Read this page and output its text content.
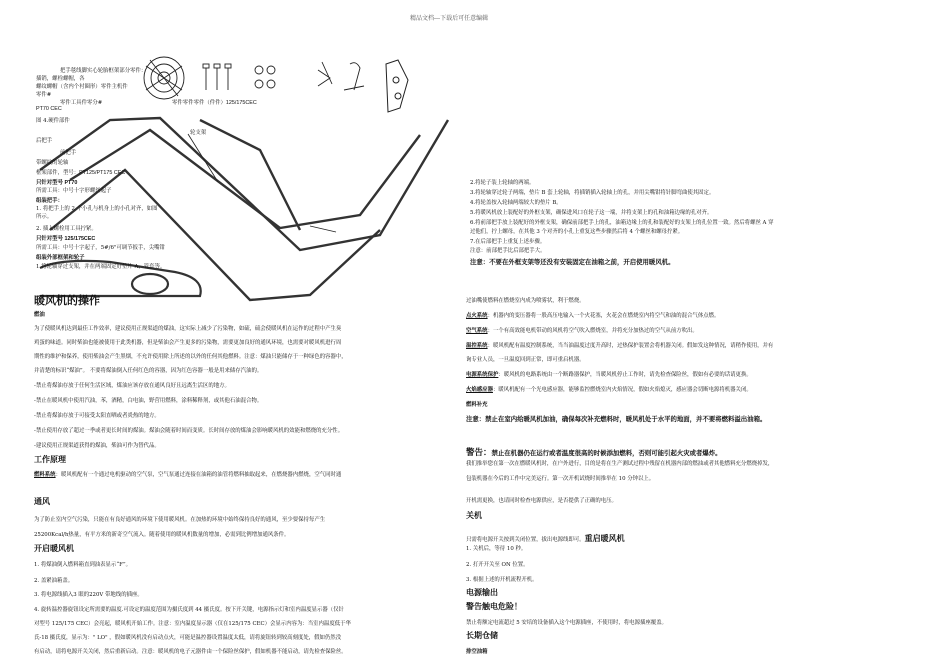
精品文档---下载后可任意编辑
把手毯线脚实心轮胎框架部分零件：
插销，螺栓螺帽，各
螺纹螺帽（含内个衬圈形）零件主机件
零件#
零件工具件零分#	零件零件零件（件件）125/175CEC
PT70 CEC
图 4.硬件部件
轮支架
后把手
前把手
带螺纹的轮轴
框架部件，型号：PT125/PT175 CEC
只针对型号 PT70
所需工具：中号十字形螺丝起子
组装把手：
1. 将把手上的 2 个小孔与机身上的小孔对齐，如图
所示。
2. 插入螺栓用工具拧紧。
只针对型号 125/175CEC
所需工具：中号十字起子，5#/6"可调节扳手，尖嘴钳
组装外部框架和轮子
1.将轮轴穿过支架，并在两端固定好垫片 A，管套等。
暖风机的操作
燃油
为了使暖风机达到最佳工作效率，建议使用正规渠道的煤油，这实际上减少了污染物，如硫，硫会使暖风机在运作的过程中产生臭
鸡蛋的味道。同时柴油也能被使用于此类机器，但是柴油会产生更多的污染物，需要更加良好的通风环境，也需要对暖风机进行周
期性的维护和保养，使用柴油会产生黑烟，不允许使用除上所述的以外的任何其他燃料。注意：煤油只能储存于一种绿色的容器中，
并清楚的标识“煤油”。 不要将煤油倒入任何红色的容器，因为红色容器一般是用来储存汽油的。
-禁止将煤油存放于任何生活区域，煤油应该存放在通风良好且远离生活区的地方。
-禁止在暖风机中使用汽油，苯，酒精，白电油，野营用燃料，涂料稀释剂，或其他石油混合物。
-禁止将煤油存放于可接受太阳直晒或者炎热的地方。
-禁止使用存放了超过一季或者更长时间的煤油。煤油会随着时间而变质。长时间存放的煤油会影响暖风机的效能和燃烧的充分性。
-建议使用正规渠道获得的煤油，柴油可作为替代品。
工作原理
燃料系统：暖风机配有一个通过电机驱动的空气泵，空气泵通过连接在油箱的油管将燃料抽取起来，在燃烧器内燃烧，空气同时通
通风
为了防止室内空气污染，只能在有良好通风的环境下使用暖风机。在加热的环境中始终保持良好的通风，至少要保持每产生
25200Kcal/h热量，有平方米的新奇空气流入。随着使用的暖风机数量的增加，必需到比例增加通风条件。
开启暖风机
1. 将煤油倒入燃料箱直到油表显示“F”。
2. 盖紧油箱盖。
3. 将电源线插入3 眼的220V 带地线的插座。
4. 旋转温控器旋钮设定所需要的温度.可设定的温度范围为摄氏度到 44 摄氏度。按下开关键，电源指示灯和室内温度显示器（仅针
对型号 125/175 CEC）会亮起，暖风机开始工作。注意：室内温度显示器（仅在125/175 CEC）会显示内容为：当室内温度低于华
氏-18 摄氏度，显示为：" LO" ，假如暖风机没有启动点火，可能是温控器设置温度太低，请将旋钮转到较高刻度处，假如仍然没
有启动，请将电源开关关闭，然后重新启动。注意：暖风机的电子元器件由一个保险丝保护，假如机器不能启动，请先检查保险丝。
2.将轮子装上轮轴的两端。
3.将轮轴穿过轮子两端，垫片 B 套上轮轴，将插销插入轮轴上的孔，并用尖嘴钳将针脚弯曲使其固定。
4.将轮盖按入轮轴两端较大的垫片 B。
5.将暖风机放上装配好的外框支架，确保进风口在轮子这一端，并将支架上的孔和油箱边缘的孔对齐。
6.将前部把手放上装配好的外框支架，确保前部把手上的孔，油箱边缘上的孔和装配好的支架上的孔位置一致。然后将螺丝 A 穿
过他们，拧上螺母，在其他 3 个对齐的小孔上重复这些步骤然后将 4 个螺丝和螺母拧紧。
7.在后部把手上重复上述步骤。
注意：前部把手比后部把手大。
注意：不要在外框支架等还没有安装固定在油箱之前，开启使用暖风机。
过油嘴使燃料在燃烧室内成为喷雾状，利于燃烧。
点火系统：机器内的变压器将一股高压电输入一个火花塞，火花会在燃烧室内将空气和油的混合气体点燃。
空气系统：一个有高效能电机带动的风机将空气吹入燃烧室，并将充分加热过的空气从前方吹出。
温控系统：暖风机配有温度控制系统，当当油温度过度升高时，过热保护装置会将机器关闭。假如发这种情况，请稍作使用，并有
询专业人员，一旦温度回到正常，即可重启机器。
电源系统保护：暖风机的电路系统由一个断路器保护，当暖风机停止工作时，请先检查保险丝，假如有必要的话请更换。
火焰感应器：暖风机配有一个光电感应器，能够监控燃烧室内火焰情况，假如火焰熄灭，感应器会切断电源将机器关闭。
燃料补充
注意：禁止在室内给暖风机加油，确保每次补充燃料时，暖风机处于水平的地面，并不要将燃料溢出油箱。
警告：禁止在机器仍在运行或者温度很高的时候添加燃料，否则可能引起火灾或者爆炸。
我们推举您在第一次在燃暖风机时，在户外进行，目的是将在生产测试过程中残留在机器内部的燃油或者其他燃料充分燃烧掉发，
包装机器在今后的工作中完美运行。第一次开机试烧时间推举在 10 分钟以上。
开机需更换，也请同时检查电源供应，是否提供了正确的电压。
关机
只需将电源开关按到关闭位置，拔出电源线即可。重启暖风机
1. 关机后，等待 10 秒。
2. 打开开关至 ON 位置。
3. 根据上述的开机流程开机。
电源输出
警告触电危险！
禁止将额定电流超过 5 安培的设备插入这个电源插座，不使用时，将电源插座覆盖。
长期仓储
排空油箱
